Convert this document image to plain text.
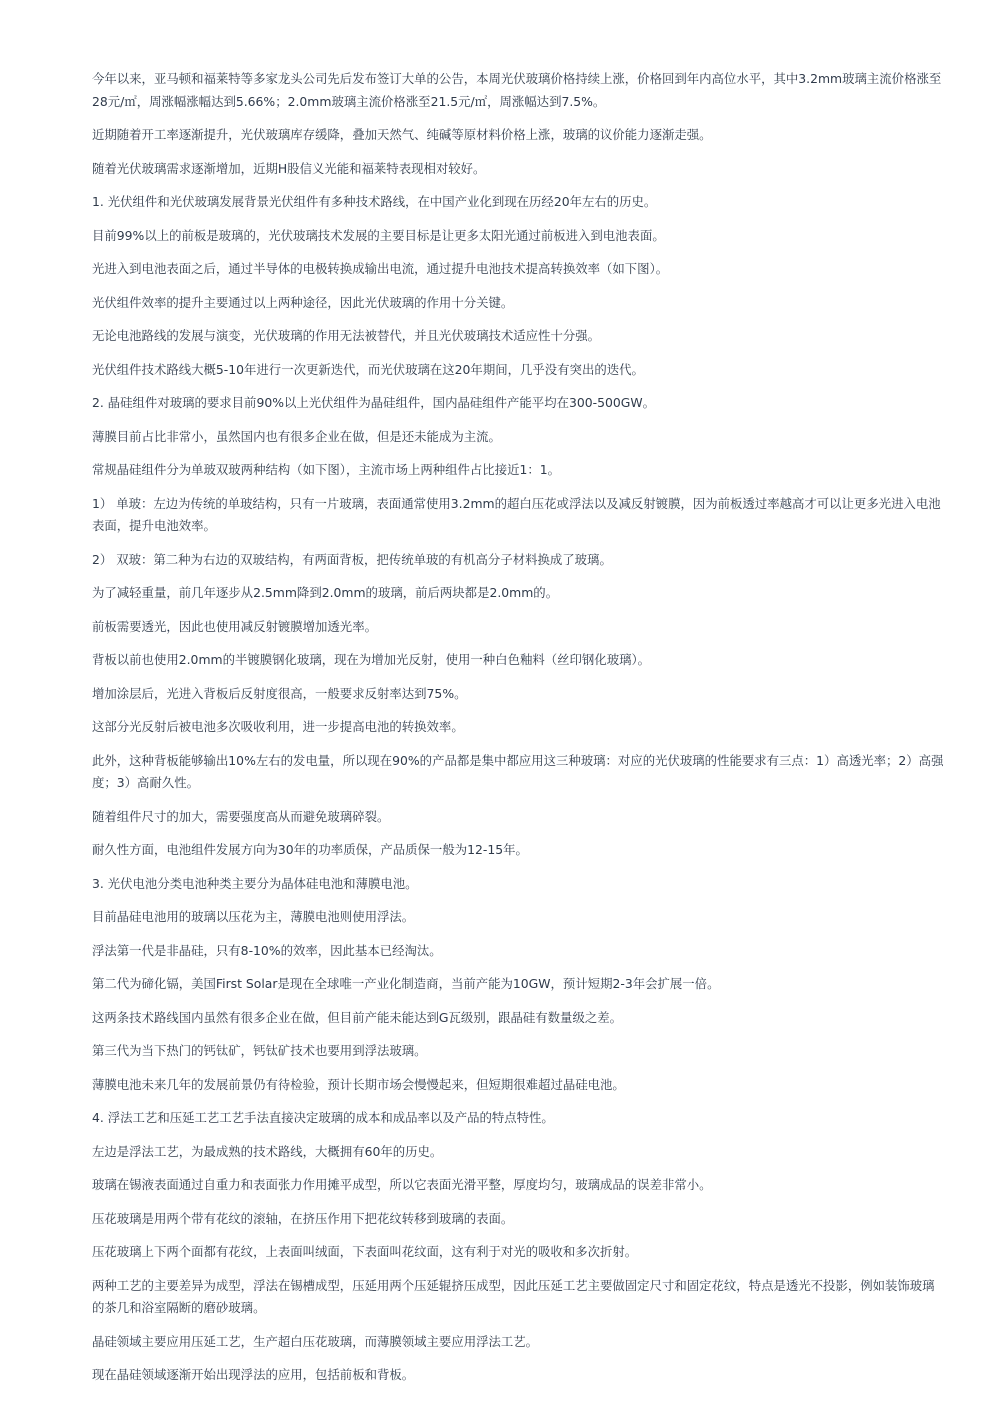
今年以来，亚马顿和福莱特等多家龙头公司先后发布签订大单的公告，本周光伏玻璃价格持续上涨，价格回到年内高位水平，其中3.2mm玻璃主流价格涨至28元/㎡，周涨幅涨幅达到5.66%；2.0mm玻璃主流价格涨至21.5元/㎡，周涨幅达到7.5%。

近期随着开工率逐渐提升，光伏玻璃库存缓降，叠加天然气、纯碱等原材料价格上涨，玻璃的议价能力逐渐走强。

随着光伏玻璃需求逐渐增加，近期H股信义光能和福莱特表现相对较好。

1. 光伏组件和光伏玻璃发展背景光伏组件有多种技术路线，在中国产业化到现在历经20年左右的历史。

目前99%以上的前板是玻璃的，光伏玻璃技术发展的主要目标是让更多太阳光通过前板进入到电池表面。

光进入到电池表面之后，通过半导体的电极转换成输出电流，通过提升电池技术提高转换效率（如下图）。

光伏组件效率的提升主要通过以上两种途径，因此光伏玻璃的作用十分关键。

无论电池路线的发展与演变，光伏玻璃的作用无法被替代，并且光伏玻璃技术适应性十分强。

光伏组件技术路线大概5-10年进行一次更新迭代，而光伏玻璃在这20年期间，几乎没有突出的迭代。

2. 晶硅组件对玻璃的要求目前90%以上光伏组件为晶硅组件，国内晶硅组件产能平均在300-500GW。

薄膜目前占比非常小，虽然国内也有很多企业在做，但是还未能成为主流。

常规晶硅组件分为单玻双玻两种结构（如下图），主流市场上两种组件占比接近1：1。

1） 单玻：左边为传统的单玻结构，只有一片玻璃，表面通常使用3.2mm的超白压花或浮法以及减反射镀膜，因为前板透过率越高才可以让更多光进入电池表面，提升电池效率。

2） 双玻：第二种为右边的双玻结构，有两面背板，把传统单玻的有机高分子材料换成了玻璃。

为了减轻重量，前几年逐步从2.5mm降到2.0mm的玻璃，前后两块都是2.0mm的。

前板需要透光，因此也使用减反射镀膜增加透光率。

背板以前也使用2.0mm的半镀膜钢化玻璃，现在为增加光反射，使用一种白色釉料（丝印钢化玻璃）。

增加涂层后，光进入背板后反射度很高，一般要求反射率达到75%。

这部分光反射后被电池多次吸收利用，进一步提高电池的转换效率。

此外，这种背板能够输出10%左右的发电量，所以现在90%的产品都是集中都应用这三种玻璃：对应的光伏玻璃的性能要求有三点：1）高透光率；2）高强度；3）高耐久性。

随着组件尺寸的加大，需要强度高从而避免玻璃碎裂。

耐久性方面，电池组件发展方向为30年的功率质保，产品质保一般为12-15年。

3. 光伏电池分类电池种类主要分为晶体硅电池和薄膜电池。

目前晶硅电池用的玻璃以压花为主，薄膜电池则使用浮法。

浮法第一代是非晶硅，只有8-10%的效率，因此基本已经淘汰。

第二代为碲化镉，美国First Solar是现在全球唯一产业化制造商，当前产能为10GW，预计短期2-3年会扩展一倍。

这两条技术路线国内虽然有很多企业在做，但目前产能未能达到G瓦级别，跟晶硅有数量级之差。

第三代为当下热门的钙钛矿，钙钛矿技术也要用到浮法玻璃。

薄膜电池未来几年的发展前景仍有待检验，预计长期市场会慢慢起来，但短期很难超过晶硅电池。

4. 浮法工艺和压延工艺工艺手法直接决定玻璃的成本和成品率以及产品的特点特性。

左边是浮法工艺，为最成熟的技术路线，大概拥有60年的历史。

玻璃在锡液表面通过自重力和表面张力作用摊平成型，所以它表面光滑平整，厚度均匀，玻璃成品的误差非常小。

压花玻璃是用两个带有花纹的滚轴，在挤压作用下把花纹转移到玻璃的表面。

压花玻璃上下两个面都有花纹，上表面叫绒面，下表面叫花纹面，这有利于对光的吸收和多次折射。

两种工艺的主要差异为成型，浮法在锡槽成型，压延用两个压延辊挤压成型，因此压延工艺主要做固定尺寸和固定花纹，特点是透光不投影，例如装饰玻璃的茶几和浴室隔断的磨砂玻璃。

晶硅领域主要应用压延工艺，生产超白压花玻璃，而薄膜领域主要应用浮法工艺。

现在晶硅领域逐渐开始出现浮法的应用，包括前板和背板。
